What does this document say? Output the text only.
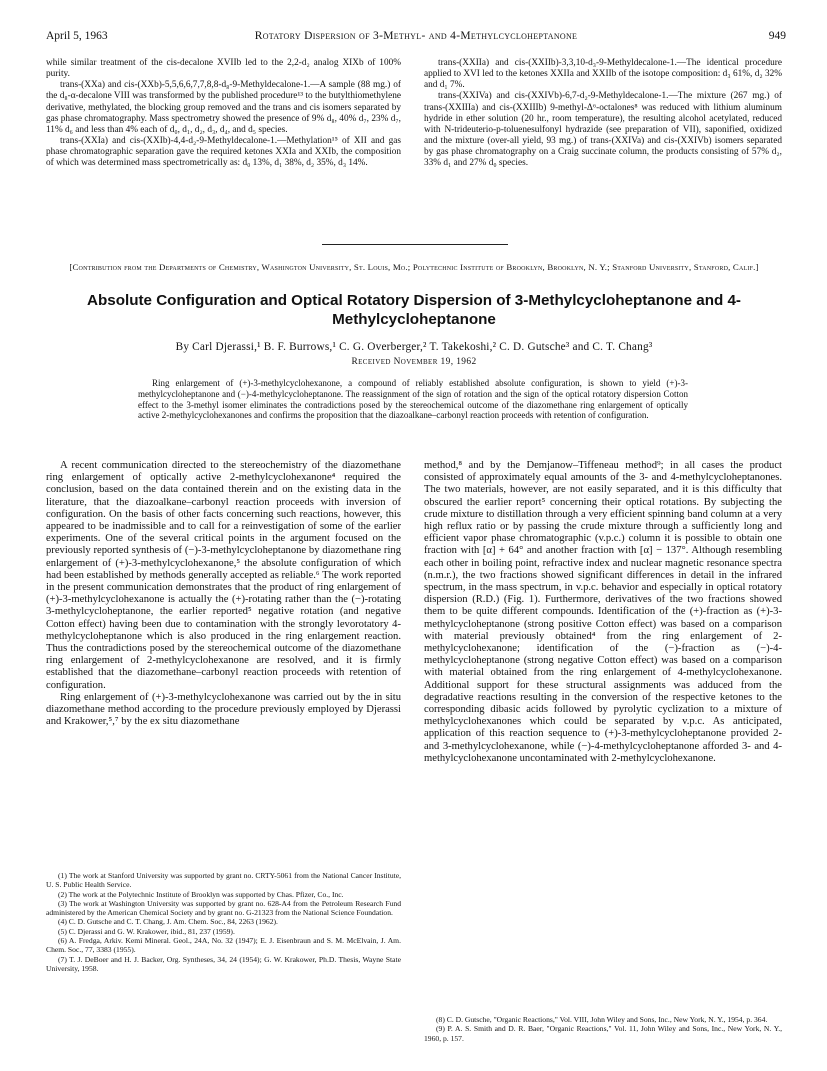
April 5, 1963	Rotatory Dispersion of 3-Methyl- and 4-Methylcycloheptanone	949

while similar treatment of the cis-decalone XVIIb led to the 2,2-d₂ analog XIXb of 100% purity.

trans-(XXa) and cis-(XXb)-5,5,6,6,7,7,8,8-d₈-9-Methyldecalone-1.—A sample (88 mg.) of the d₈-α-decalone VIII was transformed by the published procedure¹³ to the butylthiomethylene derivative, methylated, the blocking group removed and the trans and cis isomers separated by gas phase chromatography. Mass spectrometry showed the presence of 9% d₈, 40% d₇, 23% d₇, 11% d₆ and less than 4% each of d₀, d₁, d₂, d₃, d₄, and d₅ species.

trans-(XXIa) and cis-(XXIb)-4,4-d₂-9-Methyldecalone-1.—Methylation¹⁵ of XII and gas phase chromatographic separation gave the required ketones XXIa and XXIb, the composition of which was determined mass spectrometrically as: d₀ 13%, d₁ 38%, d₂ 35%, d₃ 14%.

trans-(XXIIa) and cis-(XXIIb)-3,3,10-d₃-9-Methyldecalone-1.—The identical procedure applied to XVI led to the ketones XXIIa and XXIIb of the isotope composition: d₃ 61%, d₂ 32% and d₁ 7%.

trans-(XXIVa) and cis-(XXIVb)-6,7-d₂-9-Methyldecalone-1.—The mixture (267 mg.) of trans-(XXIIIa) and cis-(XXIIIb) 9-methyl-Δ⁶-octalones⁸ was reduced with lithium aluminum hydride in ether solution (20 hr., room temperature), the resulting alcohol acetylated, reduced with N-trideuterio-p-toluenesulfonyl hydrazide (see preparation of VII), saponified, oxidized and the mixture (over-all yield, 93 mg.) of trans-(XXIVa) and cis-(XXIVb) isomers separated by gas phase chromatography on a Craig succinate column, the products consisting of 57% d₂, 33% d₁ and 27% d₀ species.

[Contribution from the Departments of Chemistry, Washington University, St. Louis, Mo.; Polytechnic Institute of Brooklyn, Brooklyn, N. Y.; Stanford University, Stanford, Calif.]
Absolute Configuration and Optical Rotatory Dispersion of 3-Methylcycloheptanone and 4-Methylcycloheptanone
By Carl Djerassi,¹ B. F. Burrows,¹ C. G. Overberger,² T. Takekoshi,² C. D. Gutsche³ and C. T. Chang³
Received November 19, 1962
Ring enlargement of (+)-3-methylcyclohexanone, a compound of reliably established absolute configuration, is shown to yield (+)-3-methylcycloheptanone and (−)-4-methylcycloheptanone. The reassignment of the sign of rotation and the sign of the optical rotatory dispersion Cotton effect to the 3-methyl isomer eliminates the contradictions posed by the stereochemical outcome of the diazomethane ring enlargement of optically active 2-methylcyclohexanones and confirms the proposition that the diazoalkane–carbonyl reaction proceeds with retention of configuration.

A recent communication directed to the stereochemistry of the diazomethane ring enlargement of optically active 2-methylcyclohexanone⁴ required the conclusion, based on the data contained therein and on the existing data in the literature, that the diazoalkane–carbonyl reaction proceeds with inversion of configuration. On the basis of other facts concerning such reactions, however, this appeared to be inadmissible and to call for a reinvestigation of some of the earlier experiments. One of the several critical points in the argument focused on the previously reported synthesis of (−)-3-methylcycloheptanone by diazomethane ring enlargement of (+)-3-methylcyclohexanone,⁵ the absolute configuration of which had been established by methods generally accepted as reliable.⁶ The work reported in the present communication demonstrates that the product of ring enlargement of (+)-3-methylcyclohexanone is actually the (+)-rotating rather than the (−)-rotating 3-methylcycloheptanone, the earlier reported⁵ negative rotation (and negative Cotton effect) having been due to contamination with the strongly levorotatory 4-methylcycloheptanone which is also produced in the ring enlargement reaction. Thus the contradictions posed by the stereochemical outcome of the diazomethane ring enlargement of 2-methylcyclohexanone are resolved, and it is firmly established that the diazomethane–carbonyl reaction proceeds with retention of configuration.

Ring enlargement of (+)-3-methylcyclohexanone was carried out by the in situ diazomethane method according to the procedure previously employed by Djerassi and Krakower,⁵,⁷ by the ex situ diazomethane

method,⁸ and by the Demjanow–Tiffeneau method⁹; in all cases the product consisted of approximately equal amounts of the 3- and 4-methylcycloheptanones. The two materials, however, are not easily separated, and it is this difficulty that obscured the earlier report⁵ concerning their optical rotations. By subjecting the crude mixture to distillation through a very efficient spinning band column at a very high reflux ratio or by passing the crude mixture through a sufficiently long and efficient vapor phase chromatographic (v.p.c.) column it is possible to obtain one fraction with [α] + 64° and another fraction with [α] − 137°. Although resembling each other in boiling point, refractive index and nuclear magnetic resonance spectra (n.m.r.), the two fractions showed significant differences in detail in the infrared spectrum, in the mass spectrum, in v.p.c. behavior and especially in optical rotatory dispersion (R.D.) (Fig. 1). Furthermore, derivatives of the two fractions showed them to be quite different compounds. Identification of the (+)-fraction as (+)-3-methylcycloheptanone (strong positive Cotton effect) was based on a comparison with material previously obtained⁴ from the ring enlargement of 2-methylcyclohexanone; identification of the (−)-fraction as (−)-4-methylcycloheptanone (strong negative Cotton effect) was based on a comparison with material obtained from the ring enlargement of 4-methylcyclohexanone. Additional support for these structural assignments was adduced from the degradative reactions resulting in the conversion of the respective ketones to the corresponding dibasic acids followed by pyrolytic cyclization to a mixture of methylcyclohexanones which could be separated by v.p.c. As anticipated, application of this reaction sequence to (+)-3-methylcycloheptanone provided 2- and 3-methylcyclohexanone, while (−)-4-methylcycloheptanone afforded 3- and 4-methylcyclohexanone uncontaminated with 2-methylcyclohexanone.

(1) The work at Stanford University was supported by grant no. CRTY-5061 from the National Cancer Institute, U. S. Public Health Service.

(2) The work at the Polytechnic Institute of Brooklyn was supported by Chas. Pfizer, Co., Inc.

(3) The work at Washington University was supported by grant no. 628-A4 from the Petroleum Research Fund administered by the American Chemical Society and by grant no. G-21323 from the National Science Foundation.

(4) C. D. Gutsche and C. T. Chang, J. Am. Chem. Soc., 84, 2263 (1962).

(5) C. Djerassi and G. W. Krakower, ibid., 81, 237 (1959).

(6) A. Fredga, Arkiv. Kemi Mineral. Geol., 24A, No. 32 (1947); E. J. Eisenbraun and S. M. McElvain, J. Am. Chem. Soc., 77, 3383 (1955).

(7) T. J. DeBoer and H. J. Backer, Org. Syntheses, 34, 24 (1954); G. W. Krakower, Ph.D. Thesis, Wayne State University, 1958.

(8) C. D. Gutsche, "Organic Reactions," Vol. VIII, John Wiley and Sons, Inc., New York, N. Y., 1954, p. 364.

(9) P. A. S. Smith and D. R. Baer, "Organic Reactions," Vol. 11, John Wiley and Sons, Inc., New York, N. Y., 1960, p. 157.
